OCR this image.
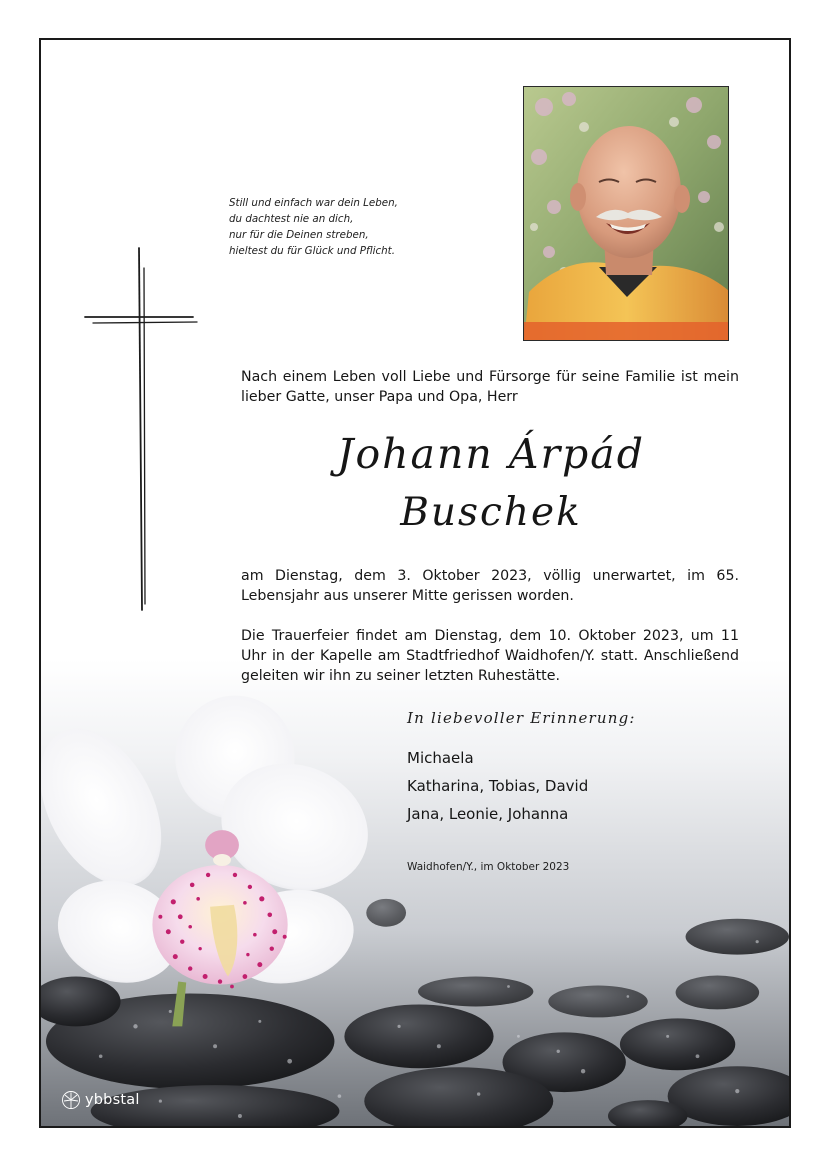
Still und einfach war dein Leben,
du dachtest nie an dich,
nur für die Deinen streben,
hieltest du für Glück und Pflicht.
Nach einem Leben voll Liebe und Fürsorge für seine Familie ist mein lieber Gatte, unser Papa und Opa, Herr
Johann Árpád
Buschek
am Dienstag, dem 3. Oktober 2023, völlig unerwartet, im 65. Lebensjahr aus unserer Mitte gerissen worden.
Die Trauerfeier findet am Dienstag, dem 10. Oktober 2023, um 11 Uhr in der Kapelle am Stadtfriedhof Waidhofen/Y. statt. Anschließend geleiten wir ihn zu seiner letzten Ruhestätte.
In liebevoller Erinnerung:
Michaela
Katharina, Tobias, David
Jana, Leonie, Johanna
Waidhofen/Y., im Oktober 2023
ybbstal
